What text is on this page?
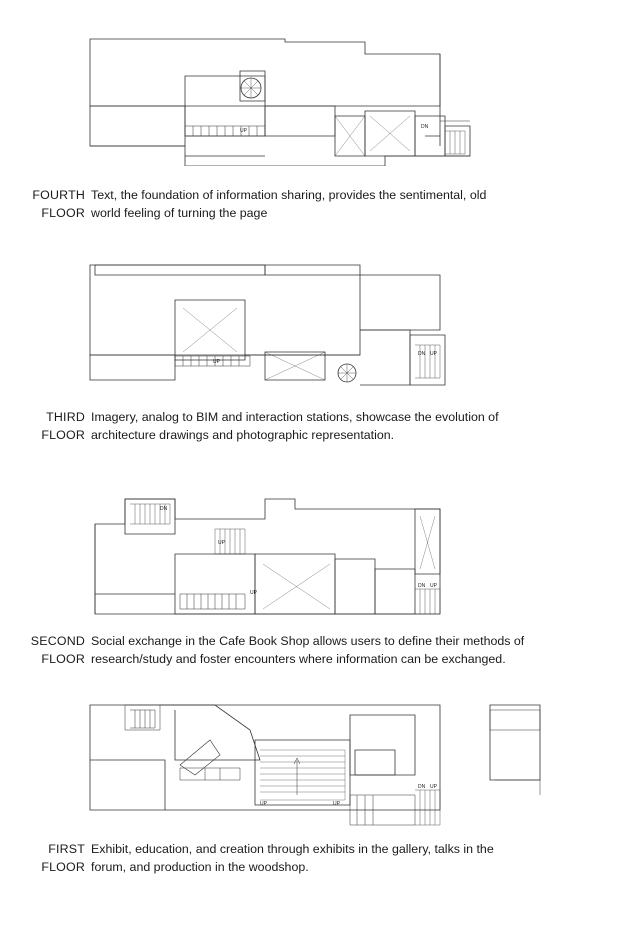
UP
DN
FOURTH
FLOOR
Text, the foundation of information sharing, provides the sentimental, old
world feeling of turning the page
UP
DN UP
THIRD
FLOOR
Imagery, analog to BIM and interaction stations, showcase the evolution of
architecture drawings and photographic representation.
DN
UP
UP
DN UP
SECOND
FLOOR
Social exchange in the Cafe Book Shop allows users to define their methods of
research/study and foster encounters where information can be exchanged.
UP	UP
DN UP
FIRST
FLOOR
Exhibit, education, and creation through exhibits in the gallery, talks in the
forum, and production in the woodshop.
